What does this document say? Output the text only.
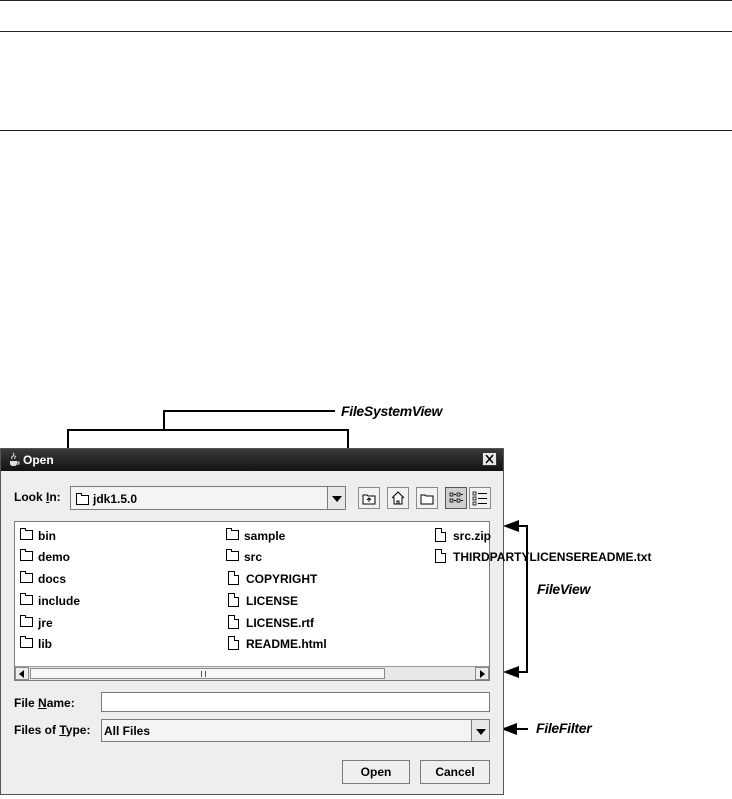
FileSystemView
FileView
FileFilter
Open
Look In:	jdk1.5.0
bin
demo
docs
include
jre
lib
sample
src
COPYRIGHT
LICENSE
LICENSE.rtf
README.html
src.zip
THIRDPARTYLICENSEREADME.txt
File Name:
Files of Type: All Files
Open	Cancel
